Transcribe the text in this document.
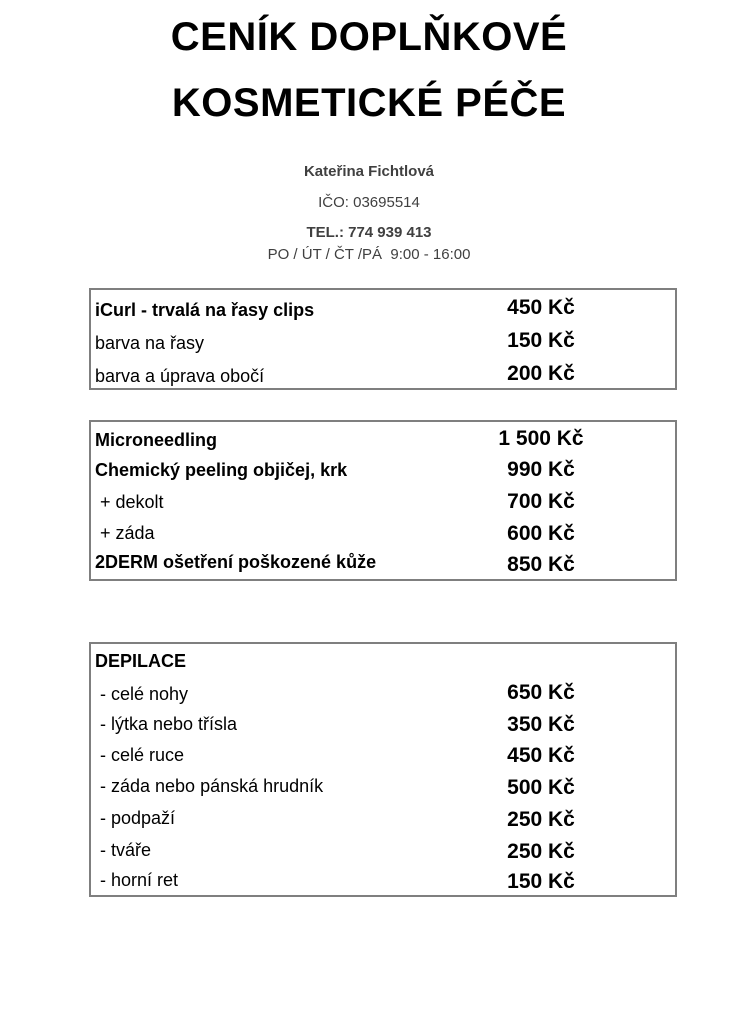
CENÍK DOPLŇKOVÉ
KOSMETICKÉ PÉČE
Kateřina Fichtlová
IČO: 03695514
TEL.: 774 939 413
PO / ÚT / ČT /PÁ  9:00 - 16:00
iCurl - trvalá na řasy clips	450 Kč
barva na řasy	150 Kč
barva a úprava obočí	200 Kč
Microneedling	1 500 Kč
Chemický peeling objičej, krk	990 Kč
+ dekolt	700 Kč
+ záda	600 Kč
2DERM ošetření poškozené kůže	850 Kč
DEPILACE
- celé nohy	650 Kč
- lýtka nebo třísla	350 Kč
- celé ruce	450 Kč
- záda nebo pánská hrudník	500 Kč
- podpaží	250 Kč
- tváře	250 Kč
- horní ret	150 Kč
